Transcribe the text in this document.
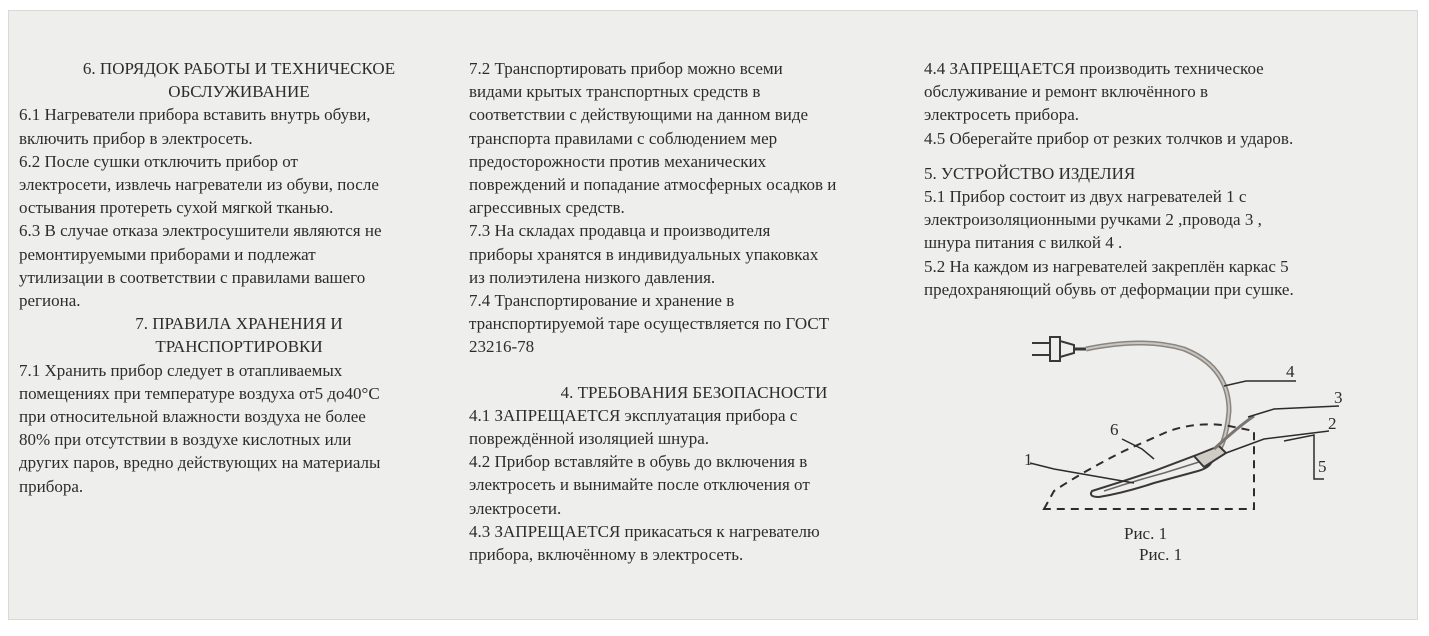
6. ПОРЯДОК РАБОТЫ И ТЕХНИЧЕСКОЕ
ОБСЛУЖИВАНИЕ

6.1 Нагреватели прибора вставить внутрь обуви,
включить прибор в электросеть.

6.2 После сушки отключить прибор от
электросети, извлечь нагреватели из обуви, после
остывания протереть сухой мягкой тканью.

6.3 В случае отказа электросушители являются не
ремонтируемыми приборами и подлежат
утилизации в соответствии с правилами вашего
региона.

7. ПРАВИЛА ХРАНЕНИЯ И
ТРАНСПОРТИРОВКИ

7.1 Хранить прибор следует в отапливаемых
помещениях при температуре воздуха от5 до40°С
при относительной влажности воздуха не более
80% при отсутствии в воздухе кислотных или
других паров, вредно действующих на материалы
прибора.

7.2 Транспортировать прибор можно всеми
видами крытых транспортных средств в
соответствии с действующими на данном виде
транспорта правилами с соблюдением мер
предосторожности против механических
повреждений и попадание атмосферных осадков и
агрессивных средств.

7.3 На складах продавца и производителя
приборы хранятся в индивидуальных упаковках
из полиэтилена низкого давления.

7.4 Транспортирование и хранение в
транспортируемой таре осуществляется по ГОСТ
23216-78

4. ТРЕБОВАНИЯ БЕЗОПАСНОСТИ

4.1 ЗАПРЕЩАЕТСЯ эксплуатация прибора с
повреждённой изоляцией шнура.

4.2 Прибор вставляйте в обувь до включения в
электросеть и вынимайте после отключения от
электросети.

4.3 ЗАПРЕЩАЕТСЯ прикасаться к нагревателю
прибора, включённому в электросеть.

4.4 ЗАПРЕЩАЕТСЯ производить техническое
обслуживание и ремонт включённого в
электросеть прибора.

4.5 Оберегайте прибор от резких толчков и ударов.

5. УСТРОЙСТВО ИЗДЕЛИЯ

5.1 Прибор состоит из двух нагревателей 1 с
электроизоляционными ручками 2 ,провода 3 ,
шнура питания с вилкой 4 .

5.2 На каждом из нагревателей закреплён каркас 5
предохраняющий обувь от деформации при сушке.

1
2
3
4
5
6
Рис. 1
Рис. 1
